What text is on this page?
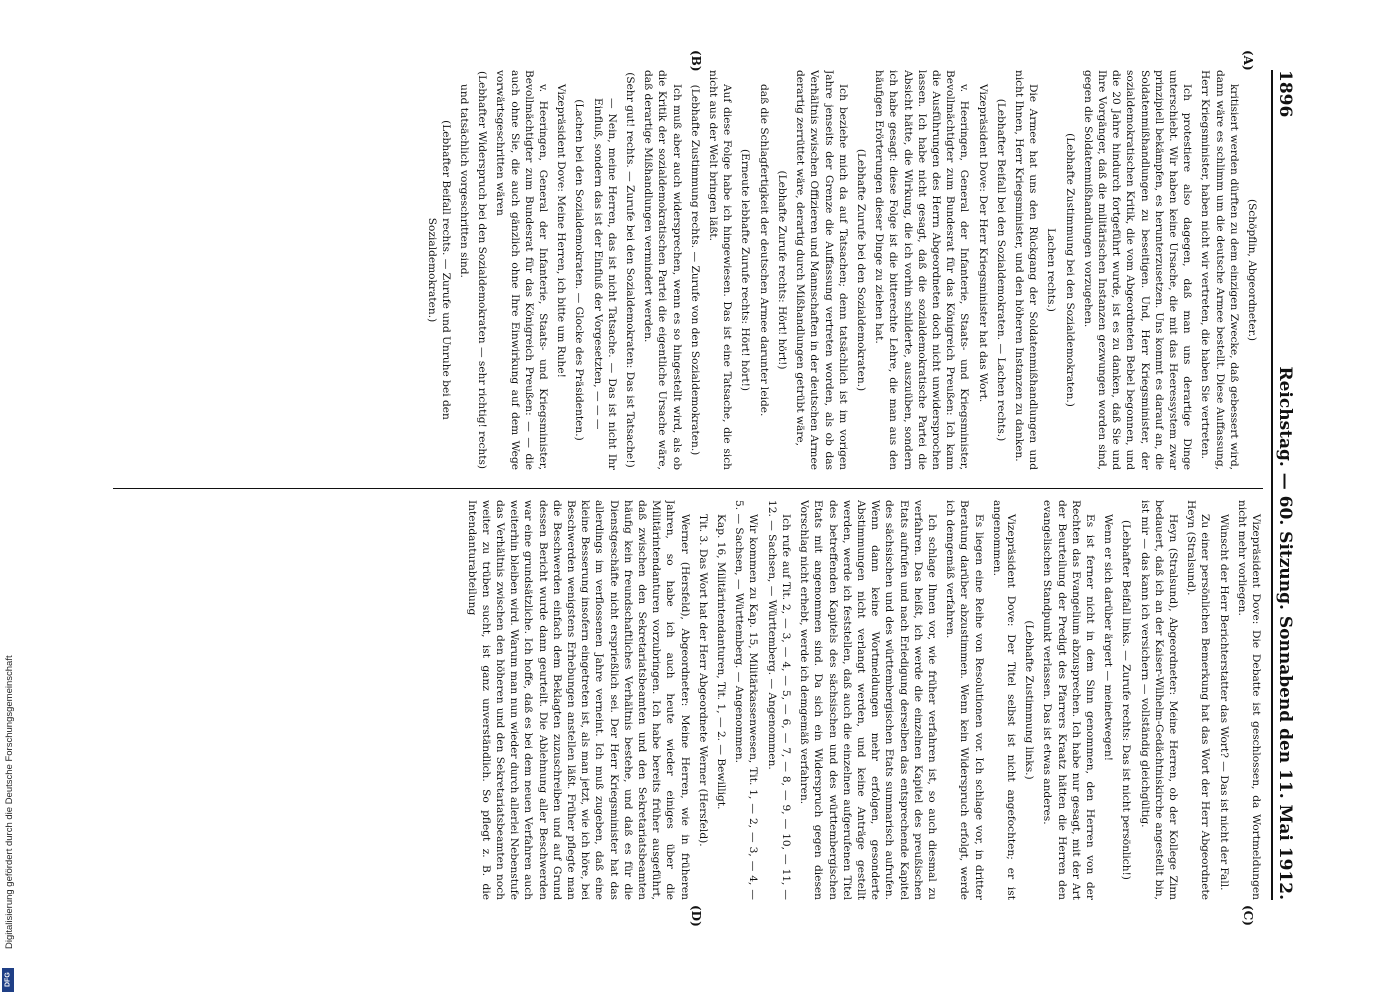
1896
Reichstag. — 60. Sitzung. Sonnabend den 11. Mai 1912.
(A)
(B)
(C)
(D)

(Schöpflin, Abgeordneter.)

kritisiert werden dürften zu dem einzigen Zwecke, daß gebessert wird, dann wäre es schlimm um die deutsche Armee bestellt. Diese Auffassung, Herr Kriegsminister, haben nicht wir vertreten, die haben Sie vertreten.

Ich protestiere also dagegen, daß man uns derartige Dinge unterschiebt. Wir haben keine Ursache, die mit das Heeressystem zwar prinzipiell bekämpfen, es herunterzusetzen. Uns kommt es darauf an, die Soldatenmißhandlungen zu beseitigen. Und, Herr Kriegsminister, der sozialdemokratischen Kritik, die vom Abgeordneten Bebel begonnen, und die 20 Jahre hindurch fortgeführt wurde, ist es zu danken, daß Sie und Ihre Vorgänger, daß die militärischen Instanzen gezwungen worden sind, gegen die Soldatenmißhandlungen vorzugehen.

(Lebhafte Zustimmung bei den Sozialdemokraten.)

Lachen rechts.)

Die Armee hat uns den Rückgang der Soldatenmißhandlungen und nicht Ihnen, Herr Kriegsminister, und den höheren Instanzen zu danken.

(Lebhafter Beifall bei den Sozialdemokraten. — Lachen rechts.)

Vizepräsident Dove: Der Herr Kriegsminister hat das Wort.

v. Heeringen, General der Infanterie, Staats- und Kriegsminister, Bevollmächtigter zum Bundesrat für das Königreich Preußen: Ich kann die Ausführungen des Herrn Abgeordneten doch nicht unwidersprochen lassen. Ich habe nicht gesagt, daß die sozialdemokratische Partei die Absicht hätte, die Wirkung, die ich vorhin schilderte, auszuüben, sondern ich habe gesagt: diese Folge ist die bitterechte Lehre, die man aus den häufigen Erörterungen dieser Dinge zu ziehen hat.

(Lebhafte Zurufe bei den Sozialdemokraten.)

Ich beziehe mich da auf Tatsachen; denn tatsächlich ist im vorigen Jahre jenseits der Grenze die Auffassung vertreten worden, als ob das Verhältnis zwischen Offizieren und Mannschaften in der deutschen Armee derartig zerrüttet wäre, derartig durch Mißhandlungen getrübt wäre,

(Lebhafte Zurufe rechts: Hört! hört!)

daß die Schlagfertigkeit der deutschen Armee darunter leide.

(Erneute lebhafte Zurufe rechts: Hört! hört!)

Auf diese Folge habe ich hingewiesen. Das ist eine Tatsache, die sich nicht aus der Welt bringen läßt.

(Lebhafte Zustimmung rechts. — Zurufe von den Sozialdemokraten.)

Ich muß aber auch widersprechen, wenn es so hingestellt wird, als ob die Kritik der sozialdemokratischen Partei die eigentliche Ursache wäre, daß derartige Mißhandlungen vermindert werden.

(Sehr gut! rechts. — Zurufe bei den Sozialdemokraten: Das ist Tatsache!)

— Nein, meine Herren, das ist nicht Tatsache. — Das ist nicht Ihr Einfluß, sondern das ist der Einfluß der Vorgesetzten, — — —

(Lachen bei den Sozialdemokraten. — Glocke des Präsidenten.)

Vizepräsident Dove: Meine Herren, ich bitte um Ruhe!

v. Heeringen, General der Infanterie, Staats- und Kriegsminister, Bevollmächtigter zum Bundesrat für das Königreich Preußen: — — die auch ohne Sie, die auch gänzlich ohne Ihre Einwirkung auf dem Wege vorwärtsgeschritten wären

(Lebhafter Widerspruch bei den Sozialdemokraten — sehr richtig! rechts)

und tatsächlich vorgeschritten sind.

(Lebhafter Beifall rechts. — Zurufe und Unruhe bei den Sozialdemokraten.)

Vizepräsident Dove: Die Debatte ist geschlossen, da Wortmeldungen nicht mehr vorliegen.

Wünscht der Herr Berichterstatter das Wort? — Das ist nicht der Fall.

Zu einer persönlichen Bemerkung hat das Wort der Herr Abgeordnete Heyn (Stralsund).

Heyn (Stralsund), Abgeordneter: Meine Herren, ob der Kollege Zinn bedauert, daß ich an der Kaiser-Wilhelm-Gedächtniskirche angestellt bin, ist mir — das kann ich versichern — vollständig gleichgültig.

(Lebhafter Beifall links. — Zurufe rechts: Das ist nicht persönlich!)

Wenn er sich darüber ärgert — meinetwegen!

Es ist ferner nicht in dem Sinn genommen, den Herren von der Rechten das Evangelium abzusprechen. Ich habe nur gesagt, mit der Art der Beurteilung der Predigt des Pfarrers Kraatz hätten die Herren den evangelischen Standpunkt verlassen. Das ist etwas anderes.

(Lebhafte Zustimmung links.)

Vizepräsident Dove: Der Titel selbst ist nicht angefochten; er ist angenommen.

Es liegen eine Reihe von Resolutionen vor. Ich schlage vor, in dritter Beratung darüber abzustimmen. Wenn kein Widerspruch erfolgt, werde ich demgemäß verfahren.

Ich schlage Ihnen vor, wie früher verfahren ist, so auch diesmal zu verfahren. Das heißt, ich werde die einzelnen Kapitel des preußischen Etats aufrufen und nach Erledigung derselben das entsprechende Kapitel des sächsischen und des württembergischen Etats summarisch aufrufen. Wenn dann keine Wortmeldungen mehr erfolgen, gesonderte Abstimmungen nicht verlangt werden, und keine Anträge gestellt werden, werde ich feststellen, daß auch die einzelnen aufgerufenen Titel des betreffenden Kapitels des sächsischen und des württembergischen Etats mit angenommen sind. Da sich ein Widerspruch gegen diesen Vorschlag nicht erhebt, werde ich demgemäß verfahren.

Ich rufe auf Tit. 2, — 3, — 4, — 5, — 6, — 7, — 8, — 9, — 10, — 11, — 12. — Sachsen, — Württemberg. — Angenommen.

Wir kommen zu Kap. 15, Militärkassenwesen, Tit. 1, — 2, — 3, — 4, — 5. — Sachsen, — Württemberg. — Angenommen.

Kap. 16, Militärintendanturen, Tit. 1, — 2. — Bewilligt.

Tit. 3. Das Wort hat der Herr Abgeordnete Werner (Hersfeld).

Werner (Hersfeld), Abgeordneter: Meine Herren, wie in früheren Jahren, so habe ich auch heute wieder einiges über die Militärintendanturen vorzubringen. Ich habe bereits früher ausgeführt, daß zwischen den Sekretariatsbeamten und den Sekretariatsbeamten häufig kein freundschaftliches Verhältnis bestehe, und daß es für die Dienstgeschäfte nicht ersprießlich sei. Der Herr Kriegsminister hat das allerdings im verflossenen Jahre verneint. Ich muß zugeben, daß eine kleine Besserung insofern eingetreten ist, als man jetzt, wie ich höre, bei Beschwerden wenigstens Erhebungen anstellen läßt. Früher pflegte man die Beschwerden einfach dem Beklagten zuzuschreiben und auf Grund dessen Bericht wurde dann geurteilt. Die Ablehnung aller Beschwerden war eine grundsätzliche. Ich hoffe, daß es bei dem neuen Verfahren auch weiterhin bleiben wird. Warum man nun wieder durch allerlei Nebenstufe das Verhältnis zwischen den höheren und den Sekretariatsbeamten noch weiter zu trüben sucht, ist ganz unverständlich. So pflegt z. B. die Intendanturabteilung

Digitalisierung gefördert durch die Deutsche Forschungsgemeinschaft
DFG
